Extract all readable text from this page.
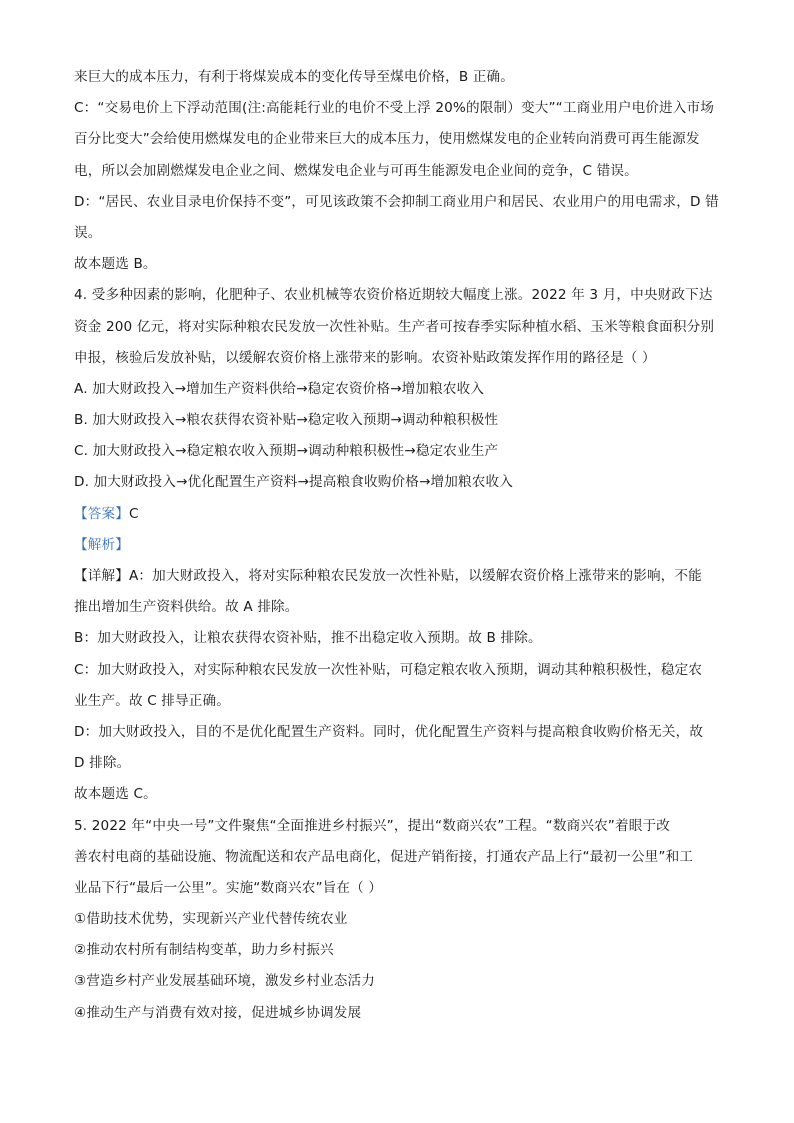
来巨大的成本压力，有利于将煤炭成本的变化传导至煤电价格，B 正确。
C：“交易电价上下浮动范围(注:高能耗行业的电价不受上浮 20%的限制）变大”“工商业用户电价进入市场
百分比变大”会给使用燃煤发电的企业带来巨大的成本压力，使用燃煤发电的企业转向消费可再生能源发
电，所以会加剧燃煤发电企业之间、燃煤发电企业与可再生能源发电企业间的竞争，C 错误。
D：“居民、农业目录电价保持不变”，可见该政策不会抑制工商业用户和居民、农业用户的用电需求，D 错
误。
故本题选 B。
4. 受多种因素的影响，化肥种子、农业机械等农资价格近期较大幅度上涨。2022 年 3 月，中央财政下达
资金 200 亿元，将对实际种粮农民发放一次性补贴。生产者可按春季实际种植水稻、玉米等粮食面积分别
申报，核验后发放补贴，以缓解农资价格上涨带来的影响。农资补贴政策发挥作用的路径是（ ）
A. 加大财政投入→增加生产资料供给→稳定农资价格→增加粮农收入
B. 加大财政投入→粮农获得农资补贴→稳定收入预期→调动种粮积极性
C. 加大财政投入→稳定粮农收入预期→调动种粮积极性→稳定农业生产
D. 加大财政投入→优化配置生产资料→提高粮食收购价格→增加粮农收入
【答案】C
【解析】
【详解】A：加大财政投入，将对实际种粮农民发放一次性补贴，以缓解农资价格上涨带来的影响，不能
推出增加生产资料供给。故 A 排除。
B：加大财政投入，让粮农获得农资补贴，推不出稳定收入预期。故 B 排除。
C：加大财政投入，对实际种粮农民发放一次性补贴，可稳定粮农收入预期，调动其种粮积极性，稳定农
业生产。故 C 排导正确。
D：加大财政投入，目的不是优化配置生产资料。同时，优化配置生产资料与提高粮食收购价格无关，故
D 排除。
故本题选 C。
5. 2022 年“中央一号”文件聚焦“全面推进乡村振兴”，提出“数商兴农”工程。“数商兴农”着眼于改
善农村电商的基础设施、物流配送和农产品电商化，促进产销衔接，打通农产品上行“最初一公里”和工
业品下行“最后一公里”。实施“数商兴农”旨在（ ）
①借助技术优势，实现新兴产业代替传统农业
②推动农村所有制结构变革，助力乡村振兴
③营造乡村产业发展基础环境，激发乡村业态活力
④推动生产与消费有效对接，促进城乡协调发展
